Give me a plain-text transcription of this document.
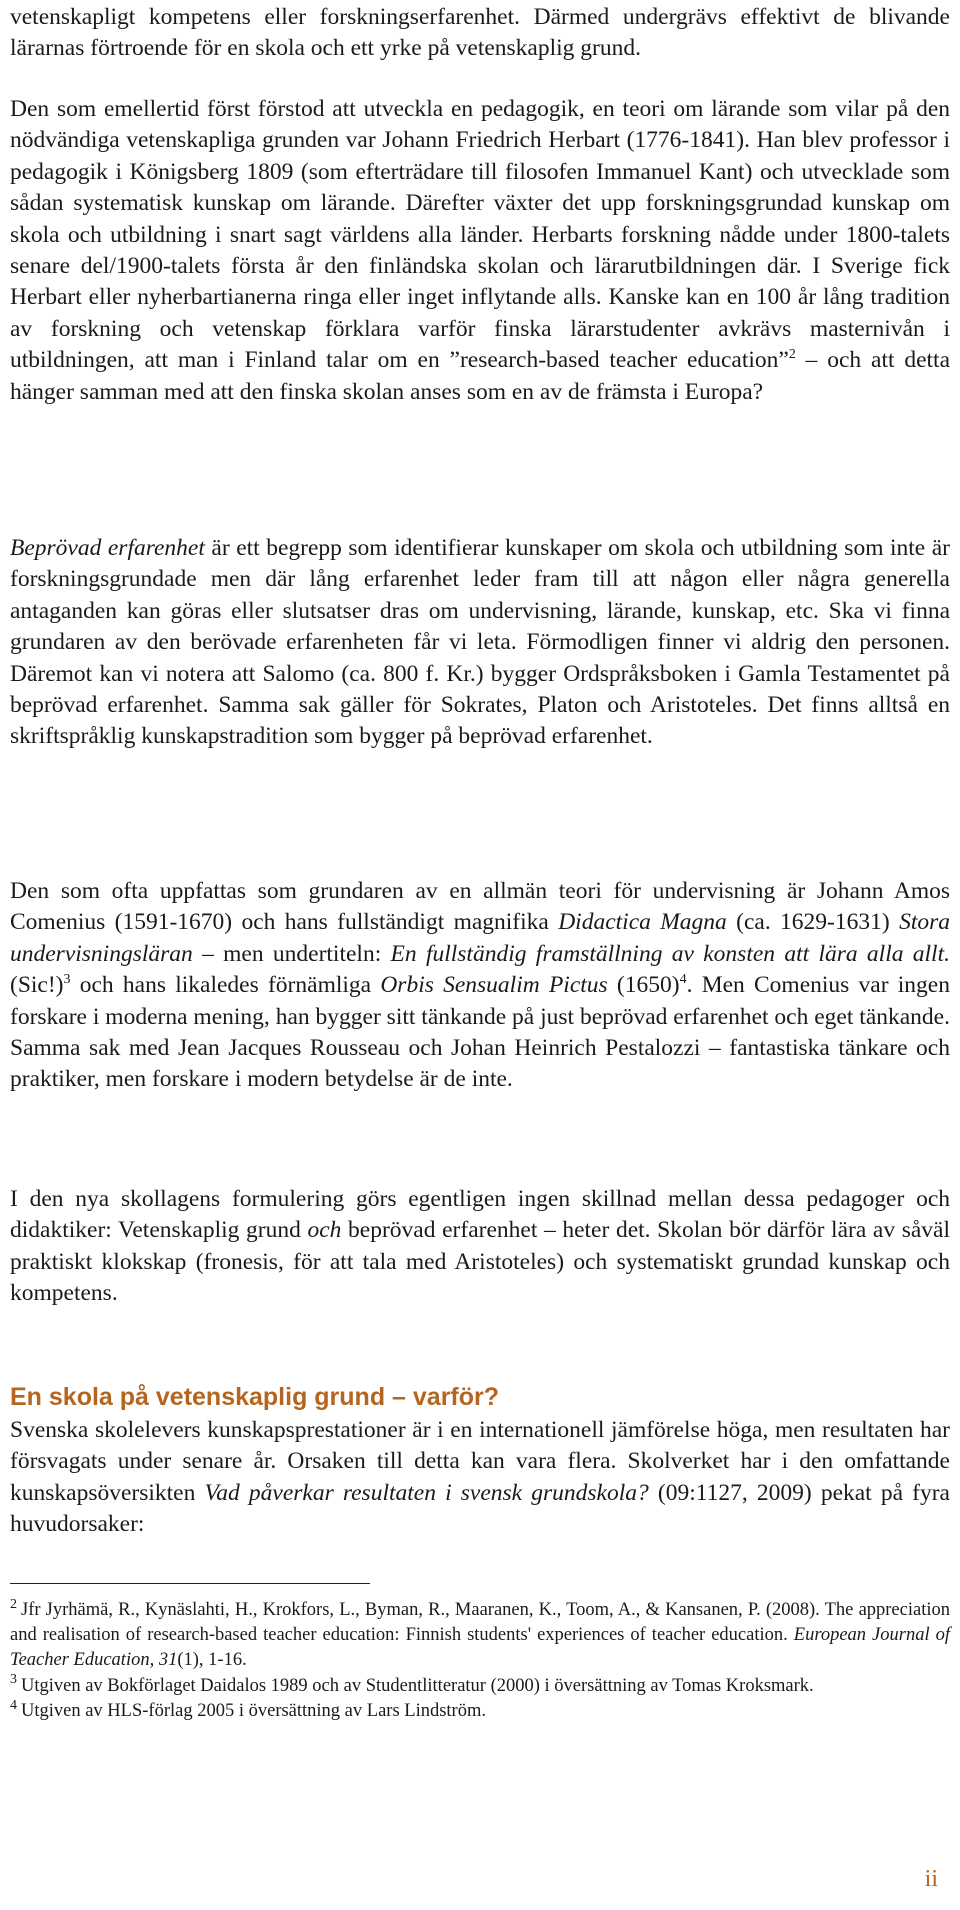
vetenskapligt kompetens eller forskningserfarenhet. Därmed undergrävs effektivt de blivande lärarnas förtroende för en skola och ett yrke på vetenskaplig grund.

Den som emellertid först förstod att utveckla en pedagogik, en teori om lärande som vilar på den nödvändiga vetenskapliga grunden var Johann Friedrich Herbart (1776-1841). Han blev professor i pedagogik i Königsberg 1809 (som efterträdare till filosofen Immanuel Kant) och utvecklade som sådan systematisk kunskap om lärande. Därefter växter det upp forskningsgrundad kunskap om skola och utbildning i snart sagt världens alla länder. Herbarts forskning nådde under 1800-talets senare del/1900-talets första år den finländska skolan och lärarutbildningen där. I Sverige fick Herbart eller nyherbartianerna ringa eller inget inflytande alls. Kanske kan en 100 år lång tradition av forskning och vetenskap förklara varför finska lärarstudenter avkrävs masternivån i utbildningen, att man i Finland talar om en ”research-based teacher education”$^2$ – och att detta hänger samman med att den finska skolan anses som en av de främsta i Europa?

Beprövad erfarenhet är ett begrepp som identifierar kunskaper om skola och utbildning som inte är forskningsgrundade men där lång erfarenhet leder fram till att någon eller några generella antaganden kan göras eller slutsatser dras om undervisning, lärande, kunskap, etc. Ska vi finna grundaren av den berövade erfarenheten får vi leta. Förmodligen finner vi aldrig den personen. Däremot kan vi notera att Salomo (ca. 800 f. Kr.) bygger Ordspråksboken i Gamla Testamentet på beprövad erfarenhet. Samma sak gäller för Sokrates, Platon och Aristoteles. Det finns alltså en skriftspråklig kunskapstradition som bygger på beprövad erfarenhet.

Den som ofta uppfattas som grundaren av en allmän teori för undervisning är Johann Amos Comenius (1591-1670) och hans fullständigt magnifika Didactica Magna (ca. 1629-1631) Stora undervisningsläran – men undertiteln: En fullständig framställning av konsten att lära alla allt. $(Sic!)^3$ och hans likaledes förnämliga Orbis Sensualim Pictus $(1650)^4$. Men Comenius var ingen forskare i moderna mening, han bygger sitt tänkande på just beprövad erfarenhet och eget tänkande. Samma sak med Jean Jacques Rousseau och Johan Heinrich Pestalozzi – fantastiska tänkare och praktiker, men forskare i modern betydelse är de inte.

I den nya skollagens formulering görs egentligen ingen skillnad mellan dessa pedagoger och didaktiker: Vetenskaplig grund och beprövad erfarenhet – heter det. Skolan bör därför lära av såväl praktiskt klokskap (fronesis, för att tala med Aristoteles) och systematiskt grundad kunskap och kompetens.

En skola på vetenskaplig grund – varför?

Svenska skolelevers kunskapsprestationer är i en internationell jämförelse höga, men resultaten har försvagats under senare år. Orsaken till detta kan vara flera. Skolverket har i den omfattande kunskapsöversikten Vad påverkar resultaten i svensk grundskola? (09:1127, 2009) pekat på fyra huvudorsaker:

$^2$ Jfr Jyrhämä, R., Kynäslahti, H., Krokfors, L., Byman, R., Maaranen, K., Toom, A., & Kansanen, P. (2008). The appreciation and realisation of research-based teacher education: Finnish students' experiences of teacher education. European Journal of Teacher Education, 31(1), 1-16.

$^3$ Utgiven av Bokförlaget Daidalos 1989 och av Studentlitteratur (2000) i översättning av Tomas Kroksmark.

$^4$ Utgiven av HLS-förlag 2005 i översättning av Lars Lindström.

ii
